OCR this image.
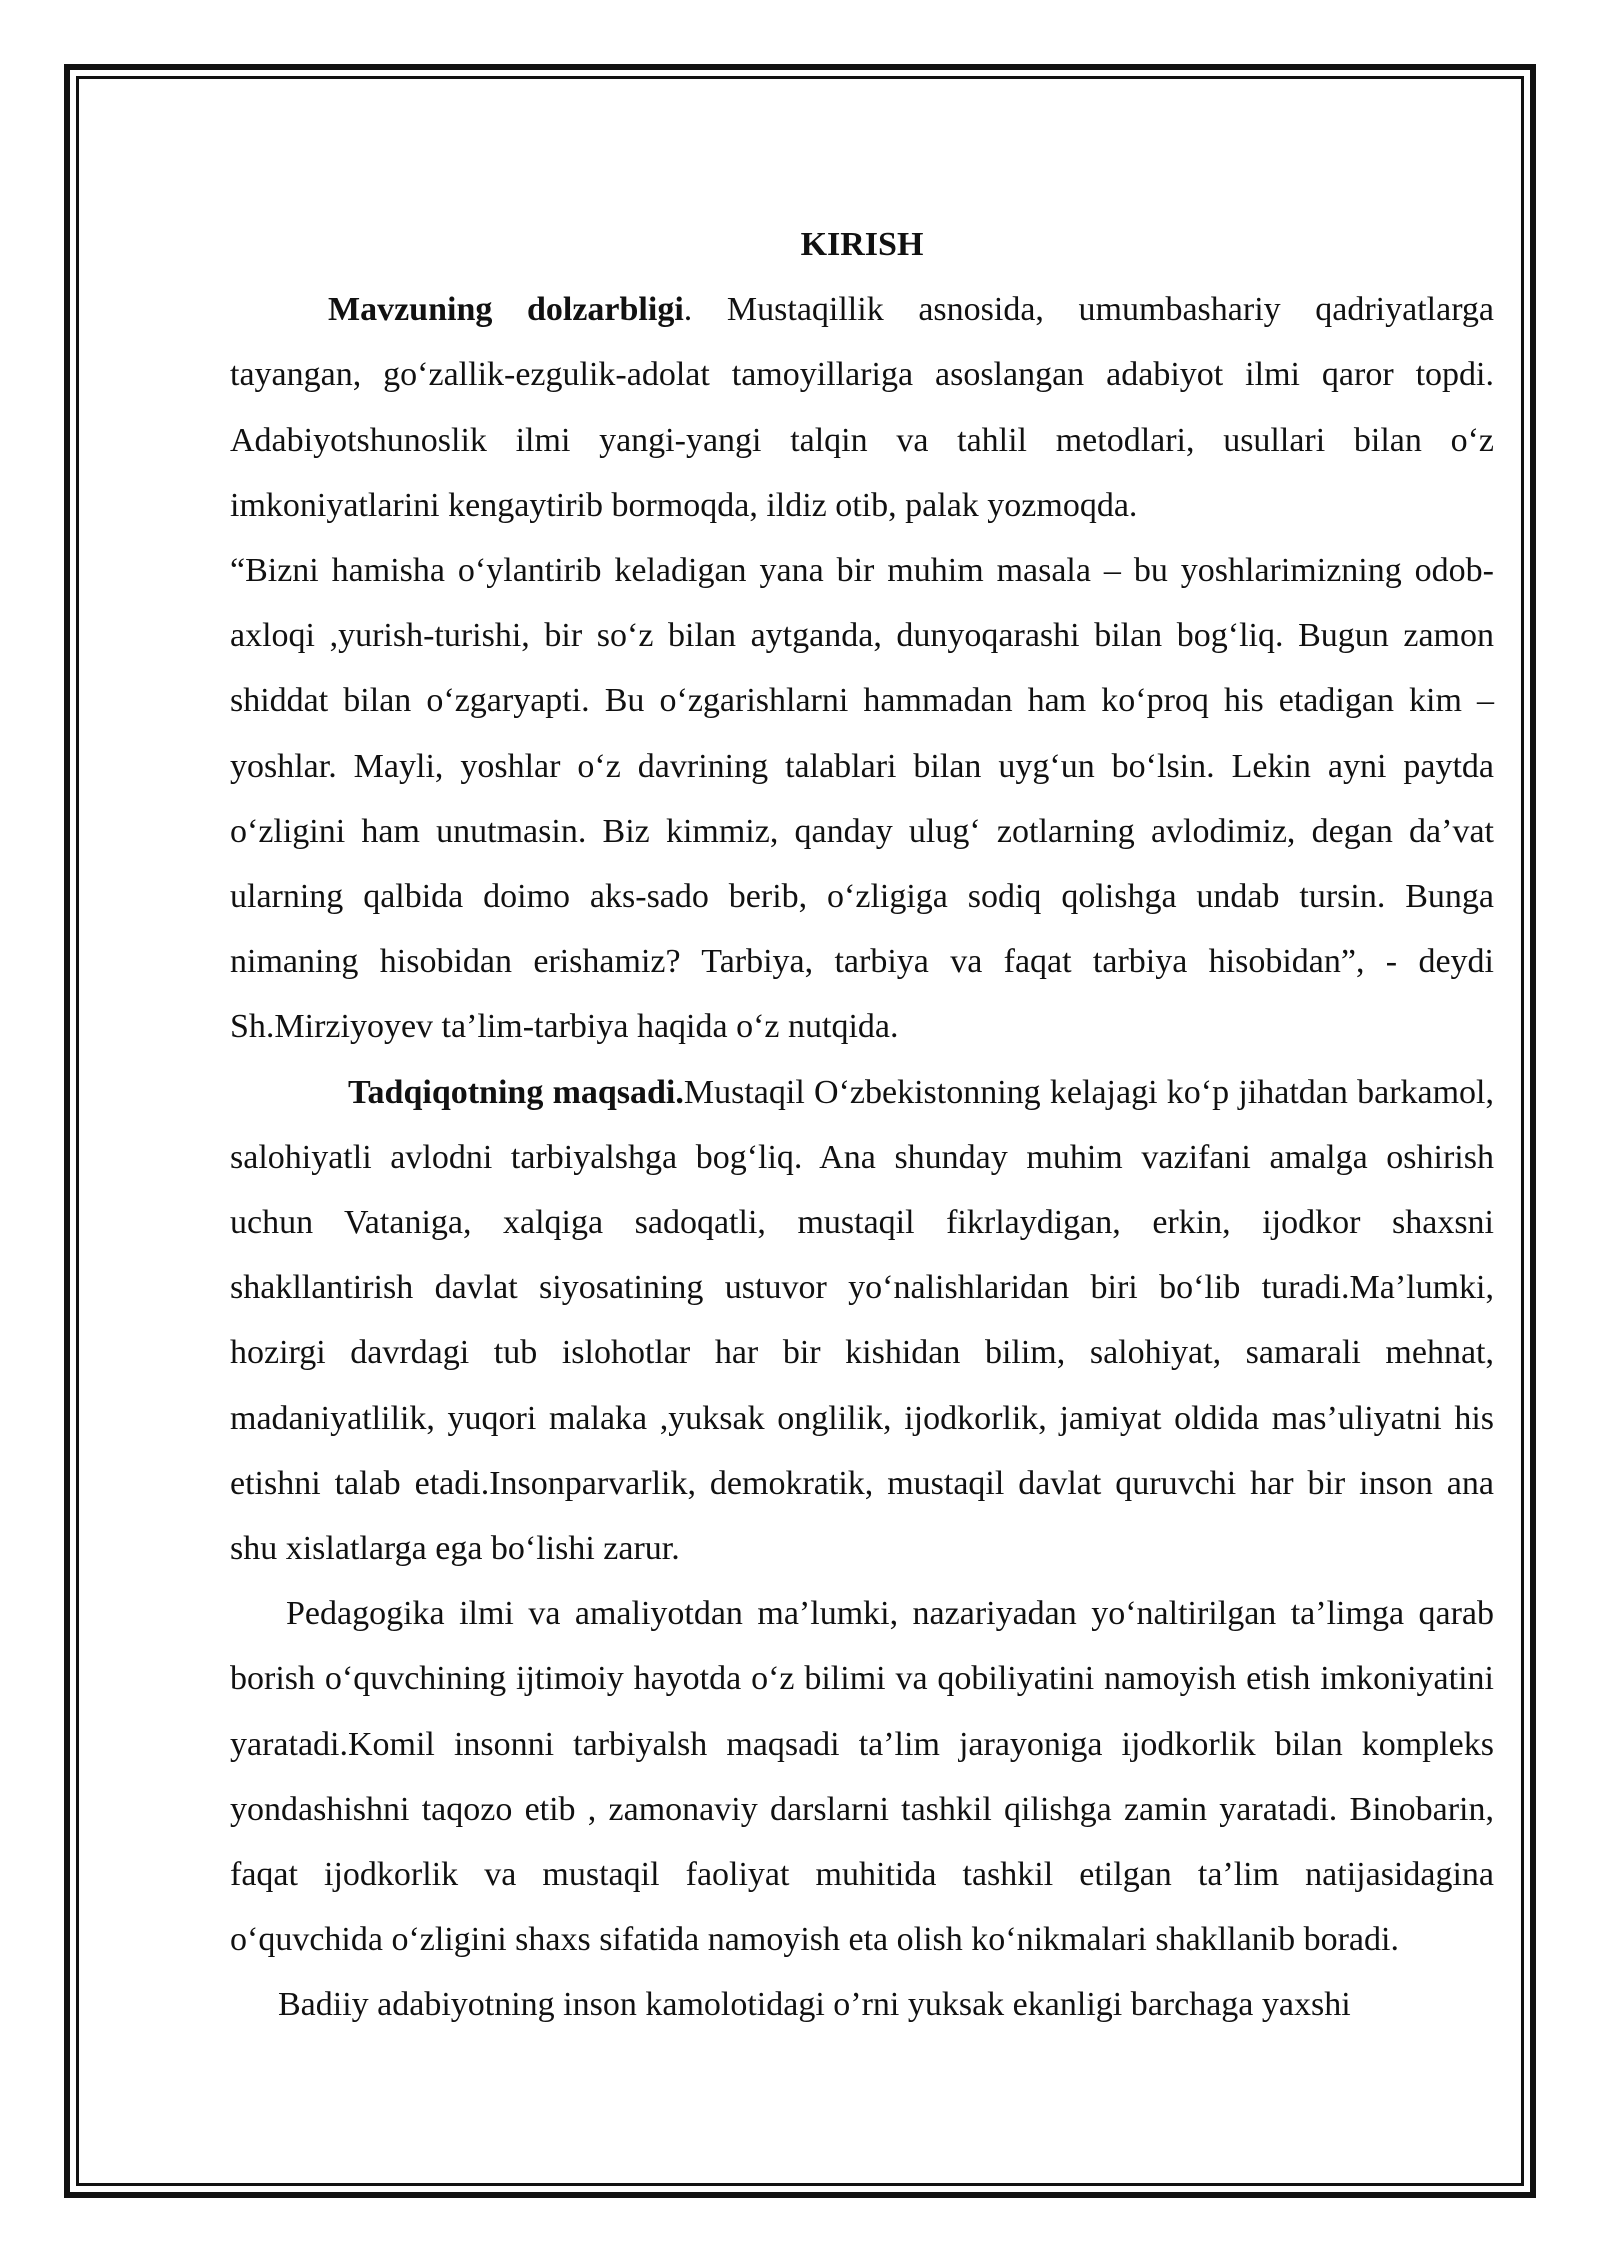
KIRISH

Mavzuning dolzarbligi. Mustaqillik asnosida, umumbashariy qadriyatlarga tayangan, go‘zallik-ezgulik-adolat tamoyillariga asoslangan adabiyot ilmi qaror topdi. Adabiyotshunoslik ilmi yangi-yangi talqin va tahlil metodlari, usullari bilan o‘z imkoniyatlarini kengaytirib bormoqda, ildiz otib, palak yozmoqda.

“Bizni hamisha o‘ylantirib keladigan yana bir muhim masala – bu yoshlarimizning odob-axloqi ,yurish-turishi, bir so‘z bilan aytganda, dunyoqarashi bilan bog‘liq. Bugun zamon shiddat bilan o‘zgaryapti. Bu o‘zgarishlarni hammadan ham ko‘proq his etadigan kim – yoshlar. Mayli, yoshlar o‘z davrining talablari bilan uyg‘un bo‘lsin. Lekin ayni paytda o‘zligini ham unutmasin. Biz kimmiz, qanday ulug‘ zotlarning avlodimiz, degan da’vat ularning qalbida doimo aks-sado berib, o‘zligiga sodiq qolishga undab tursin. Bunga nimaning hisobidan erishamiz? Tarbiya, tarbiya va faqat tarbiya hisobidan”, - deydi Sh.Mirziyoyev ta’lim-tarbiya haqida o‘z nutqida.

Tadqiqotning maqsadi.Mustaqil O‘zbekistonning kelajagi ko‘p jihatdan barkamol, salohiyatli avlodni tarbiyalshga bog‘liq. Ana shunday muhim vazifani amalga oshirish uchun Vataniga, xalqiga sadoqatli, mustaqil fikrlaydigan, erkin, ijodkor shaxsni shakllantirish davlat siyosatining ustuvor yo‘nalishlaridan biri bo‘lib turadi.Ma’lumki, hozirgi davrdagi tub islohotlar har bir kishidan bilim, salohiyat, samarali mehnat, madaniyatlilik, yuqori malaka ,yuksak onglilik, ijodkorlik, jamiyat oldida mas’uliyatni his etishni talab etadi.Insonparvarlik, demokratik, mustaqil davlat quruvchi har bir inson ana shu xislatlarga ega bo‘lishi zarur.

Pedagogika ilmi va amaliyotdan ma’lumki, nazariyadan yo‘naltirilgan ta’limga qarab borish o‘quvchining ijtimoiy hayotda o‘z bilimi va qobiliyatini namoyish etish imkoniyatini yaratadi.Komil insonni tarbiyalsh maqsadi ta’lim jarayoniga ijodkorlik bilan kompleks yondashishni taqozo etib , zamonaviy darslarni tashkil qilishga zamin yaratadi. Binobarin, faqat ijodkorlik va mustaqil faoliyat muhitida tashkil etilgan ta’lim natijasidagina o‘quvchida o‘zligini shaxs sifatida namoyish eta olish ko‘nikmalari shakllanib boradi.

Badiiy adabiyotning inson kamolotidagi o’rni yuksak ekanligi barchaga yaxshi
